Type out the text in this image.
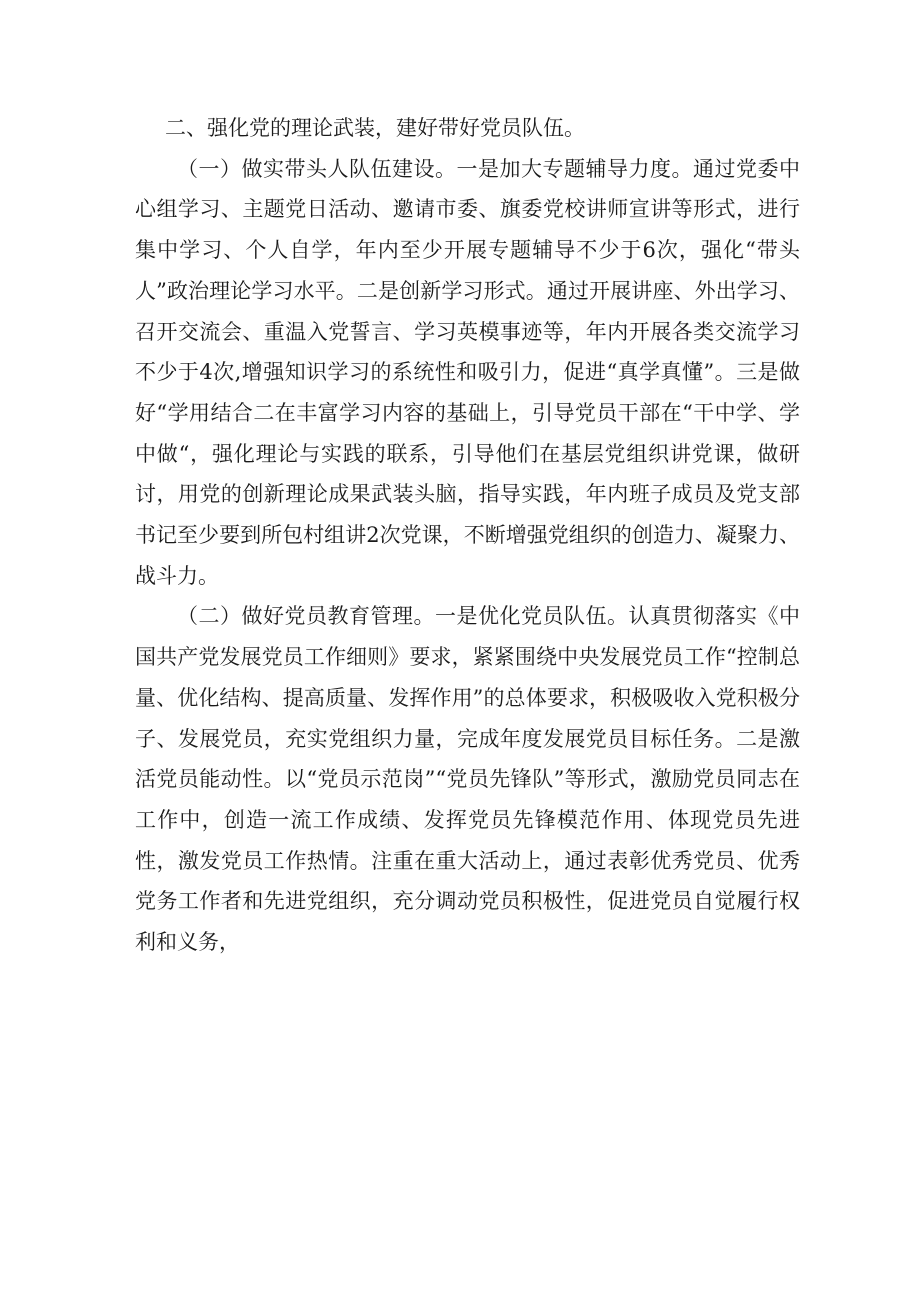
二、强化党的理论武装，建好带好党员队伍。

（一）做实带头人队伍建设。一是加大专题辅导力度。通过党委中心组学习、主题党日活动、邀请市委、旗委党校讲师宣讲等形式，进行集中学习、个人自学，年内至少开展专题辅导不少于6次，强化“带头人”政治理论学习水平。二是创新学习形式。通过开展讲座、外出学习、召开交流会、重温入党誓言、学习英模事迹等，年内开展各类交流学习不少于4次,增强知识学习的系统性和吸引力，促进“真学真懂”。三是做好“学用结合二在丰富学习内容的基础上，引导党员干部在“干中学、学中做“，强化理论与实践的联系，引导他们在基层党组织讲党课，做研讨，用党的创新理论成果武装头脑，指导实践，年内班子成员及党支部书记至少要到所包村组讲2次党课，不断增强党组织的创造力、凝聚力、战斗力。

（二）做好党员教育管理。一是优化党员队伍。认真贯彻落实《中国共产党发展党员工作细则》要求，紧紧围绕中央发展党员工作“控制总量、优化结构、提高质量、发挥作用”的总体要求，积极吸收入党积极分子、发展党员，充实党组织力量，完成年度发展党员目标任务。二是激活党员能动性。以“党员示范岗”“党员先锋队”等形式，激励党员同志在工作中，创造一流工作成绩、发挥党员先锋模范作用、体现党员先进性，激发党员工作热情。注重在重大活动上，通过表彰优秀党员、优秀党务工作者和先进党组织，充分调动党员积极性，促进党员自觉履行权利和义务，
